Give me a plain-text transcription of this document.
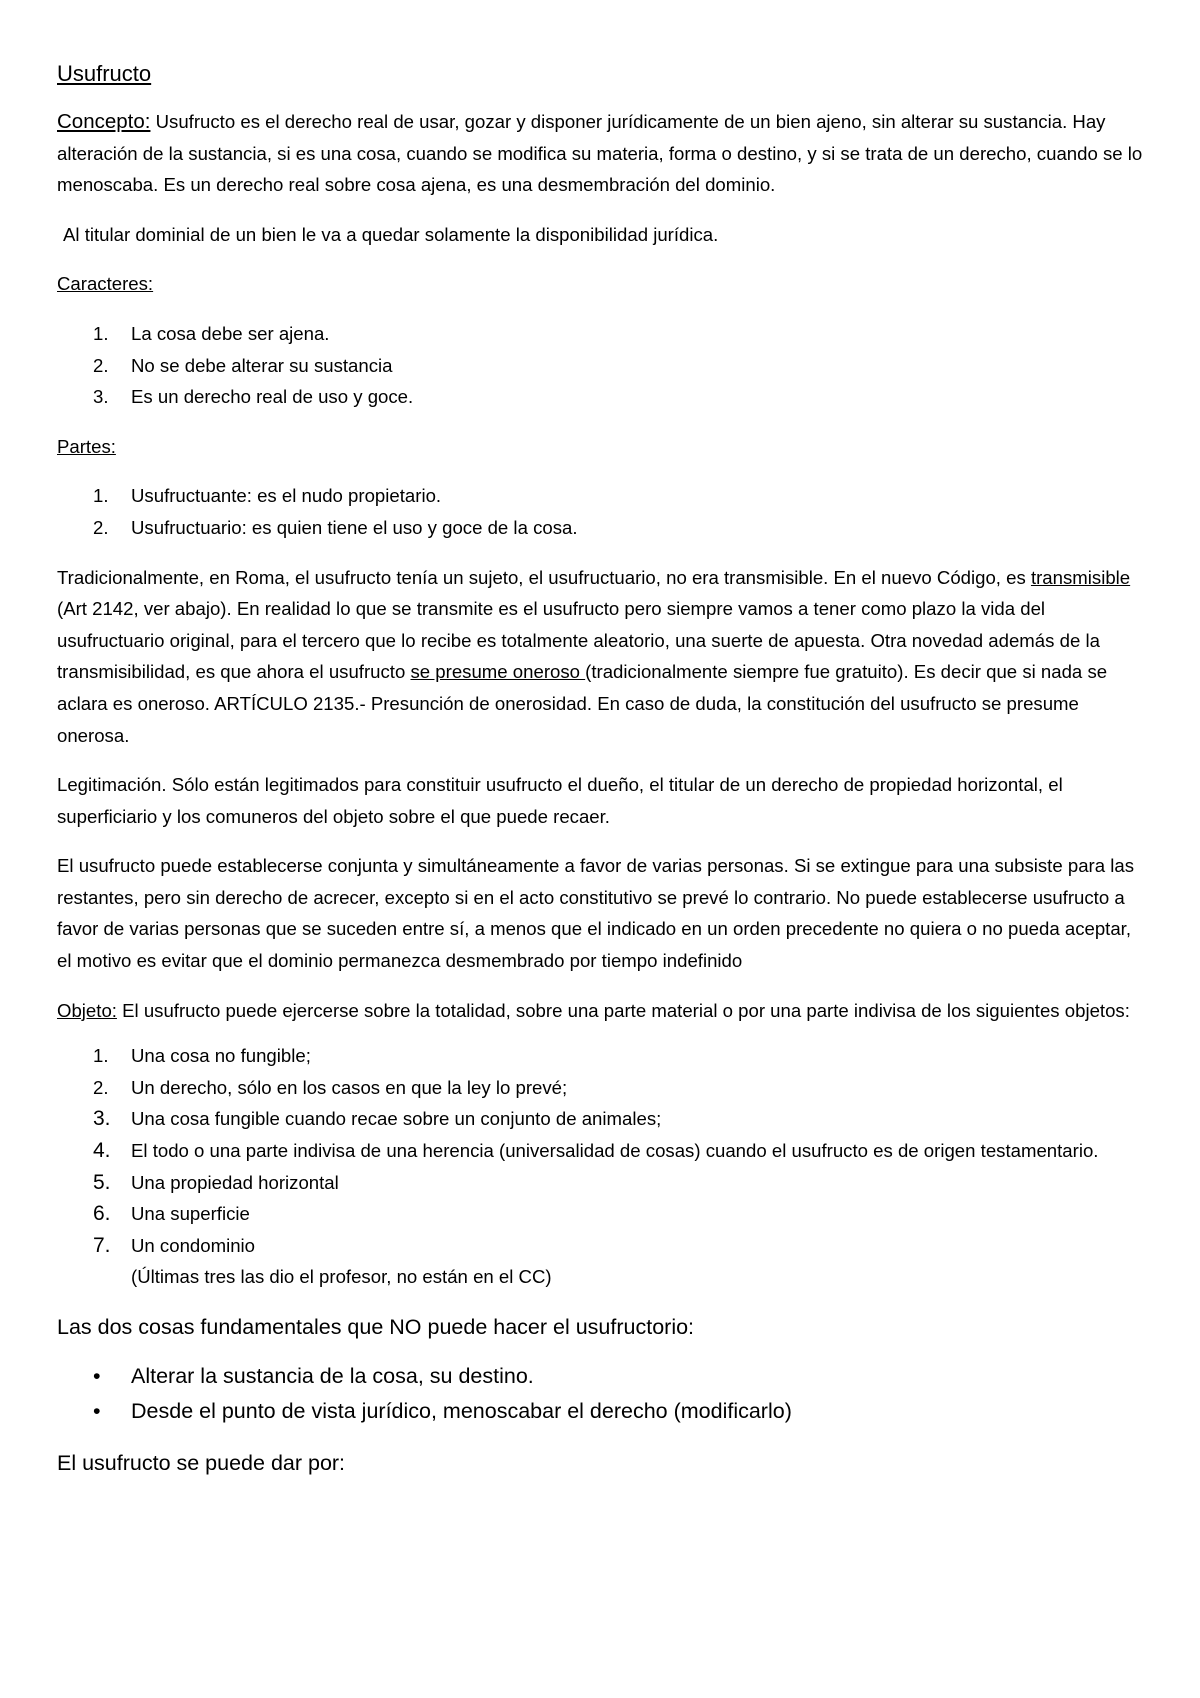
Usufructo

Concepto: Usufructo es el derecho real de usar, gozar y disponer jurídicamente de un bien ajeno, sin alterar su sustancia. Hay alteración de la sustancia, si es una cosa, cuando se modifica su materia, forma o destino, y si se trata de un derecho, cuando se lo menoscaba. Es un derecho real sobre cosa ajena, es una desmembración del dominio.

Al titular dominial de un bien le va a quedar solamente la disponibilidad jurídica.

Caracteres:

1. La cosa debe ser ajena.
2. No se debe alterar su sustancia
3. Es un derecho real de uso y goce.

Partes:

1. Usufructuante: es el nudo propietario.
2. Usufructuario: es quien tiene el uso y goce de la cosa.

Tradicionalmente, en Roma, el usufructo tenía un sujeto, el usufructuario, no era transmisible. En el nuevo Código, es transmisible (Art 2142, ver abajo). En realidad lo que se transmite es el usufructo pero siempre vamos a tener como plazo la vida del usufructuario original, para el tercero que lo recibe es totalmente aleatorio, una suerte de apuesta. Otra novedad además de la transmisibilidad, es que ahora el usufructo se presume oneroso (tradicionalmente siempre fue gratuito). Es decir que si nada se aclara es oneroso. ARTÍCULO 2135.- Presunción de onerosidad. En caso de duda, la constitución del usufructo se presume onerosa.

Legitimación. Sólo están legitimados para constituir usufructo el dueño, el titular de un derecho de propiedad horizontal, el superficiario y los comuneros del objeto sobre el que puede recaer.

El usufructo puede establecerse conjunta y simultáneamente a favor de varias personas. Si se extingue para una subsiste para las restantes, pero sin derecho de acrecer, excepto si en el acto constitutivo se prevé lo contrario. No puede establecerse usufructo a favor de varias personas que se suceden entre sí, a menos que el indicado en un orden precedente no quiera o no pueda aceptar, el motivo es evitar que el dominio permanezca desmembrado por tiempo indefinido

Objeto: El usufructo puede ejercerse sobre la totalidad, sobre una parte material o por una parte indivisa de los siguientes objetos:

1. Una cosa no fungible;
2. Un derecho, sólo en los casos en que la ley lo prevé;
3. Una cosa fungible cuando recae sobre un conjunto de animales;
4. El todo o una parte indivisa de una herencia (universalidad de cosas) cuando el usufructo es de origen testamentario.
5. Una propiedad horizontal
6. Una superficie
7. Un condominio

(Últimas tres las dio el profesor, no están en el CC)

Las dos cosas fundamentales que NO puede hacer el usufructorio:
• Alterar la sustancia de la cosa, su destino.
• Desde el punto de vista jurídico, menoscabar el derecho (modificarlo)
El usufructo se puede dar por:
